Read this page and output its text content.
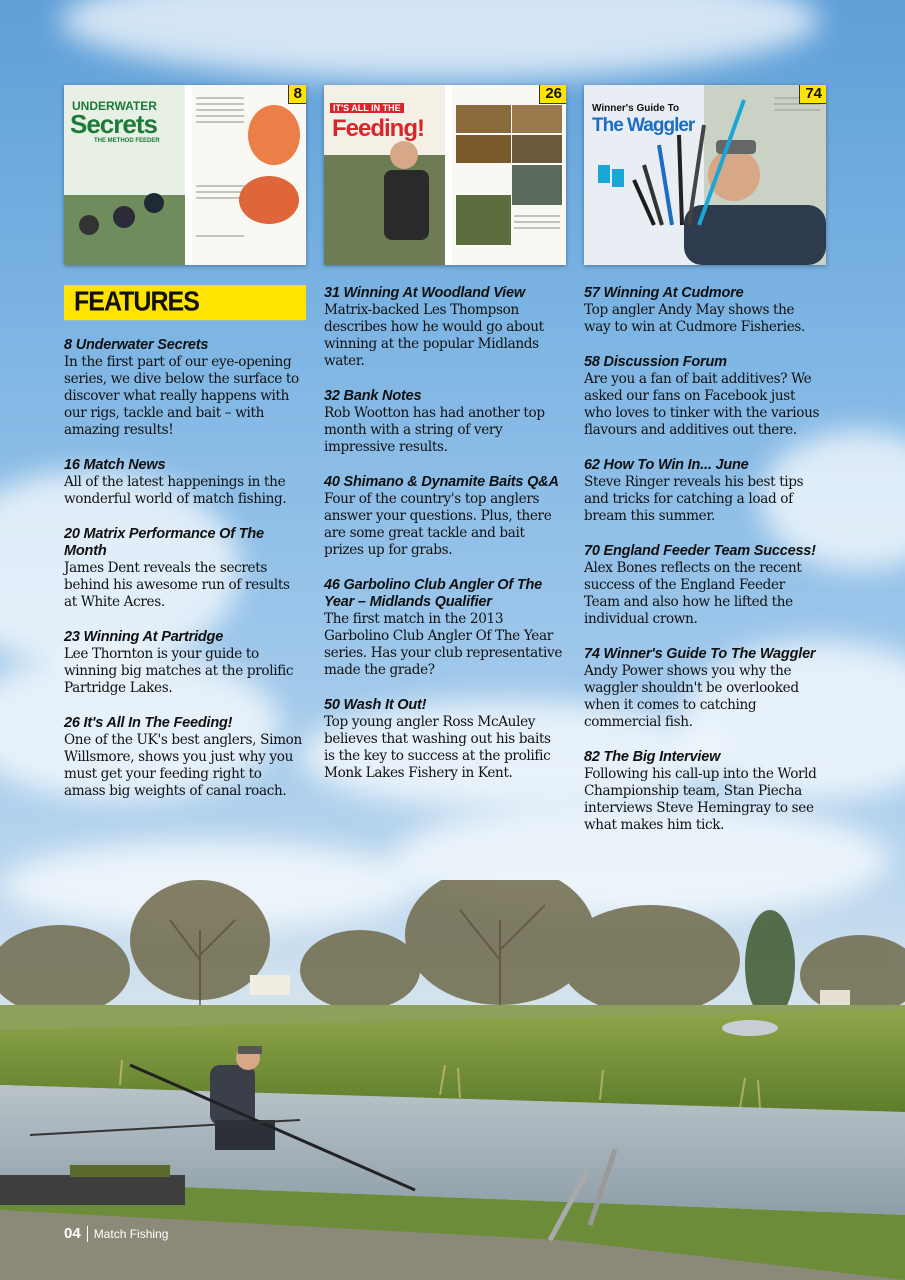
UNDERWATER
Secrets
THE METHOD FEEDER
8
IT'S ALL IN THE
Feeding!
26
Winner's Guide To
The Waggler
74
FEATURES
8 Underwater Secrets

In the first part of our eye-opening series, we dive below the surface to discover what really happens with our rigs, tackle and bait – with amazing results!

16 Match News

All of the latest happenings in the wonderful world of match fishing.

20 Matrix Performance Of The Month

James Dent reveals the secrets behind his awesome run of results at White Acres.

23 Winning At Partridge

Lee Thornton is your guide to winning big matches at the prolific Partridge Lakes.

26 It's All In The Feeding!

One of the UK's best anglers, Simon Willsmore, shows you just why you must get your feeding right to amass big weights of canal roach.

31 Winning At Woodland View

Matrix-backed Les Thompson describes how he would go about winning at the popular Midlands water.

32 Bank Notes

Rob Wootton has had another top month with a string of very impressive results.

40 Shimano & Dynamite Baits Q&A

Four of the country's top anglers answer your questions. Plus, there are some great tackle and bait prizes up for grabs.

46 Garbolino Club Angler Of The Year – Midlands Qualifier

The first match in the 2013 Garbolino Club Angler Of The Year series. Has your club representative made the grade?

50 Wash It Out!

Top young angler Ross McAuley believes that washing out his baits is the key to success at the prolific Monk Lakes Fishery in Kent.

57 Winning At Cudmore

Top angler Andy May shows the way to win at Cudmore Fisheries.

58 Discussion Forum

Are you a fan of bait additives? We asked our fans on Facebook just who loves to tinker with the various flavours and additives out there.

62 How To Win In... June

Steve Ringer reveals his best tips and tricks for catching a load of bream this summer.

70 England Feeder Team Success!

Alex Bones reflects on the recent success of the England Feeder Team and also how he lifted the individual crown.

74 Winner's Guide To The Waggler

Andy Power shows you why the waggler shouldn't be overlooked when it comes to catching commercial fish.

82 The Big Interview

Following his call-up into the World Championship team, Stan Piecha interviews Steve Hemingray to see what makes him tick.

04 Match Fishing
